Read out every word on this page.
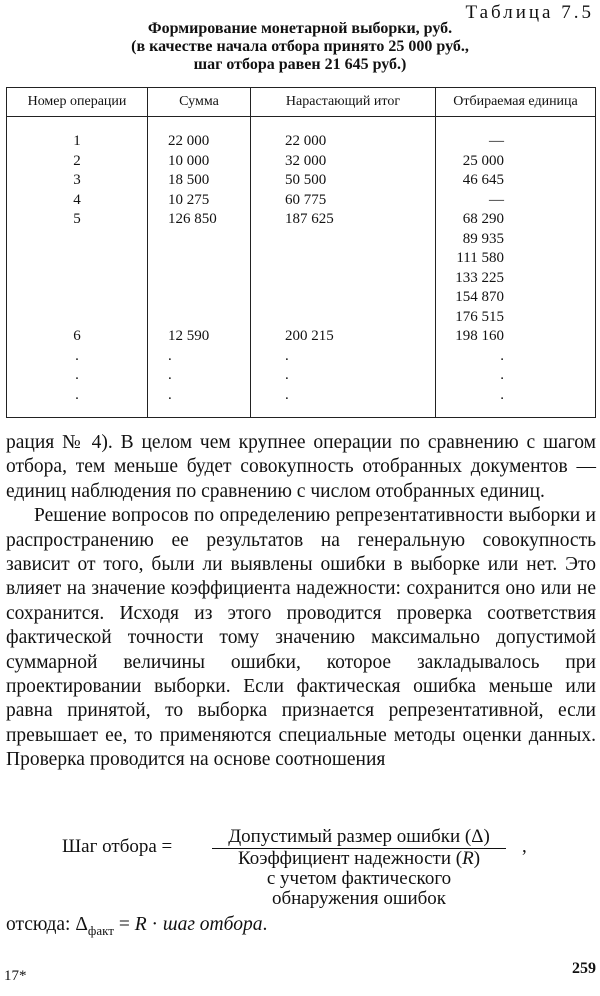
Таблица 7.5
Формирование монетарной выборки, руб.
(в качестве начала отбора принято 25 000 руб.,
шаг отбора равен 21 645 руб.)
Номер операции	Сумма	Нарастающий итог	Отбираемая единица

1	22 000	22 000	—
2	10 000	32 000	25 000
3	18 500	50 500	46 645
4	10 275	60 775	—
5	126 850	187 625	68 290
			89 935
			111 580
			133 225
			154 870
			176 515
6	12 590	200 215	198 160
.	.	.	.
.	.	.	.
.	.	.	.

рация № 4). В целом чем крупнее операции по сравнению с шагом отбора, тем меньше будет совокупность отобранных документов — единиц наблюдения по сравнению с числом отобранных единиц.

Решение вопросов по определению репрезентативности выборки и распространению ее результатов на генеральную совокупность зависит от того, были ли выявлены ошибки в выборке или нет. Это влияет на значение коэффициента надежности: сохранится оно или не сохранится. Исходя из этого проводится проверка соответствия фактической точности тому значению максимально допустимой суммарной величины ошибки, которое закладывалось при проектировании выборки. Если фактическая ошибка меньше или равна принятой, то выборка признается репрезентативной, если превышает ее, то применяются специальные методы оценки данных. Проверка проводится на основе соотношения

Шаг отбора =	Допустимый размер ошибки (Δ)
Коэффициент надежности (R)
с учетом фактического
обнаружения ошибок
,
отсюда: $\Delta_{факт} = R$ · шаг отбора.
17*	259
